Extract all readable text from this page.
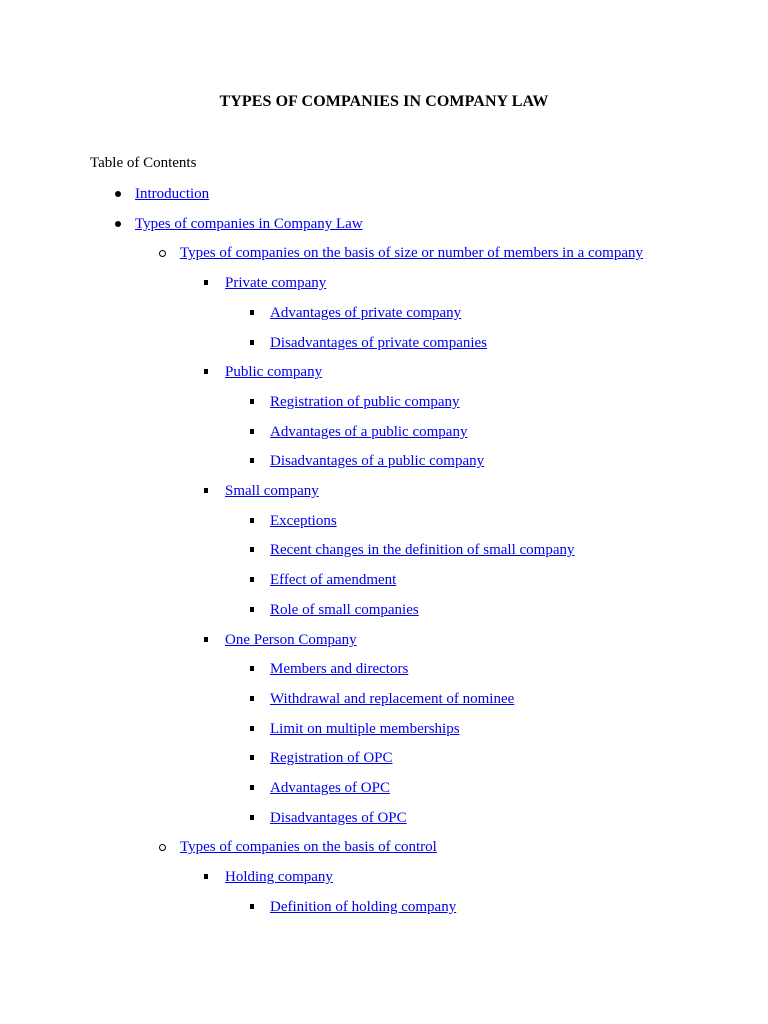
TYPES OF COMPANIES IN COMPANY LAW
Table of Contents
Introduction
Types of companies in Company Law
Types of companies on the basis of size or number of members in a company
Private company
Advantages of private company
Disadvantages of private companies
Public company
Registration of public company
Advantages of a public company
Disadvantages of a public company
Small company
Exceptions
Recent changes in the definition of small company
Effect of amendment
Role of small companies
One Person Company
Members and directors
Withdrawal and replacement of nominee
Limit on multiple memberships
Registration of OPC
Advantages of OPC
Disadvantages of OPC
Types of companies on the basis of control
Holding company
Definition of holding company
